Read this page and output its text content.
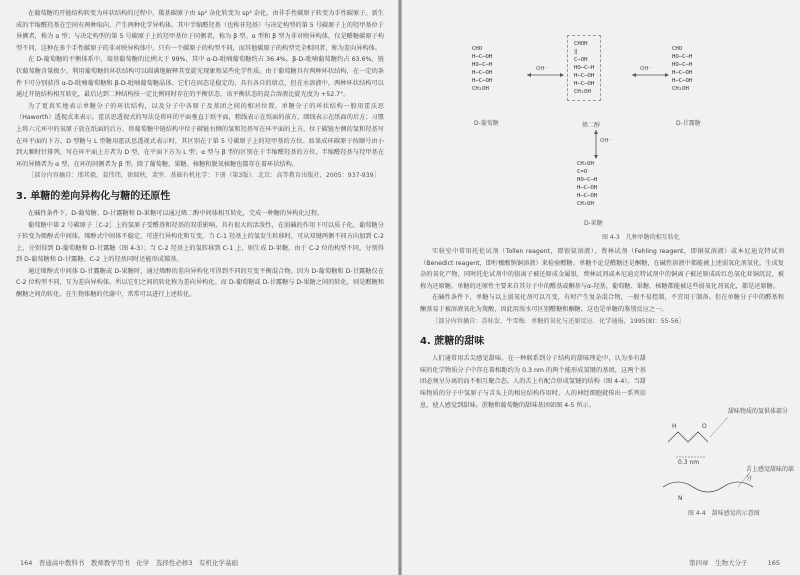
在葡萄糖的开链结构转变为环状结构的过程中，羰基碳原子由 sp² 杂化转变为 sp³ 杂化，由非手性碳原子转变为手性碳原子。新生成的半缩醛羟基在空间有两种取向，产生两种化学异构体。其中半缩醛羟基（也称苷羟基）与决定构型的第 5 号碳原子上的羟甲基位于异侧者，称为 α 型；与决定构型的第 5 号碳原子上的羟甲基位于同侧者，称为 β 型。α 型和 β 型为非对映异构体，仅是醛糖碳原子构型不同，这种在多个手性碳原子的非对映异构体中，只有一个碳原子的构型不同，而其他碳原子的构型完全相同者，称为差向异构体。

在 D-葡萄糖的平衡体系中，端基葡萄糖的比例大于 99%，其中 α-D-吡喃葡萄糖约占 36.4%，β-D-吡喃葡萄糖约占 63.6%，链状葡萄糖含量极少。利用葡萄糖的环状结构可以圆满地解释其变旋光现象和某些化学性质。由于葡萄糖具有两种环状结构，在一定的条件下可分别获得 α-D-吡喃葡萄糖和 β-D-吡喃葡萄糖晶体。它们在固态是稳定的，具有各自的熔点，但在水溶液中，两种环状结构可以通过开链结构相互转化，最后达到二种结构按一定比例同时存在的平衡状态，该平衡状态的混合溶液比旋光度为 +52.7°。

为了更真实地表示单糖分子的环状结构，以及分子中各原子及基团之间的相对位置，单糖分子的环状结构一般用霍沃思（Haworth）透视式来表示。霍沃思透视式的写法是将环的平面垂直于纸平面，粗线表示在纸面的前方，细线表示在纸面的后方；习惯上将六元环中的氧原子放在纸面的后方，将葡萄糖中链结构中位于碳链右侧的氢和羟基写在环平面的上方，位于碳链左侧的氢和羟基写在环平面的下方。D 型糖与 L 型糖用霍沃思透视式表示时，其区别在于第 5 号碳原子上的羟甲基的方位。如果成环碳原子按顺号由小到大顺时针排列，写在环平面上方者为 D 型，在平面下方为 L 型；α 型与 β 型的区别在于半缩醛羟基的方位，半缩醛羟基与羟甲基在环的异侧者为 α 型，在环的同侧者为 β 型。除了葡萄糖，果糖、核糖和脱氧核糖也都存在着环状结构。

［部分内容摘自：邢其毅，裴伟伟，徐瑞秋，裴坚．基础有机化学：下册（第3版）．北京：高等教育出版社，2005：937-939］

3. 单糖的差向异构化与糖的还原性

在碱性条件下，D-葡萄糖、D-甘露糖和 D-果糖可以通过烯二醇中间体相互转化，完成一种糖的异构化过程。

葡萄糖中第 2 号碳原子［C-2］上的氢原子受醛基和羟基的双重影响，具有很大的活泼性，在弱碱的作用下可以质子化，葡萄糖分子转变为烯醇式中间体。烯醇式中间体不稳定，可进行异构化和互变，当 C-1 羟基上的氢发生转移时，可从双键两侧不同方向加到 C-2 上，分别得到 D-葡萄糖和 D-甘露糖（图 4-3）；当 C-2 羟基上的氢转移到 C-1 上，则生成 D-果糖。由于 C-2 位的构型不同，分别得到 D-葡萄糖和 D-甘露糖。C-2 上的羟基同时还能形成羰基。

通过烯醇式中间体 D-甘露糖或 D-果糖时，通过烯醇的差向异构化可得到不同的互变平衡混合物。因为 D-葡萄糖和 D-甘露糖仅在 C-2 位构型不同，互为差向异构体。所以它们之间的转化称为差向异构化。而 D-葡萄糖或 D-甘露糖与 D-果糖之间的转化，则是醛糖和酮糖之间的转化。在生物体糖的代谢中，常常可以进行上述转化。

164　普通高中教科书　教师教学用书　化学　选择性必修3　有机化学基础
CHO
H─C─OH
HO─C─H
H─C─OH
H─C─OH
CH₂OH
CHOH
‖
C─OH
HO─C─H
H─C─OH
H─C─OH
CH₂OH
CHO
HO─C─H
HO─C─H
H─C─OH
H─C─OH
CH₂OH
CH₂OH
C=O
HO─C─H
H─C─OH
H─C─OH
CH₂OH
D-葡萄糖	烯二醇	D-甘露糖
D-果糖
OH⁻	OH⁻
OH⁻
图 4-3　几种单糖的相互转化

实验室中常用托伦试剂（Tollen reagent，即银氨溶液）、费林试剂（Fehling reagent，即铜氨溶液）或本尼迪克特试剂（Benedict reagent，即柠檬酸钠铜溶液）来检验醛糖。单糖不论是醛糖还是酮糖，在碱性溶液中都能被上述弱氧化剂氧化，生成复杂的氧化产物，同时托伦试剂中的银离子被还原成金属银，费林试剂或本尼迪克特试剂中的铜离子被还原成砖红色氧化亚铜沉淀，被称为还原糖。单糖的还原性主要来自其分子中的醛基或酮基与α-羟基，葡萄糖、果糖、核糖都能被这些弱氧化剂氧化，都是还原糖。

在碱性条件下，单糖与以上弱氧化剂可以互变，有时产生复杂混合物，一般不易控制，不宜用于制备。但在单糖分子中的醛基和酮基易于被溶液氧化为羧酸，因此用溴水可区别醛糖和酮糖，这也是单糖的鉴别反应之一。

［部分内容摘自：苏桂发，牛雪梅．单糖的氧化与还原反应．化学通报，1995(8)：55-56］

4. 蔗糖的甜味

人们通常用舌尖感觉甜味。在一种联系到分子结构的甜味理论中，认为多有甜味的化学物质分子中存在着相距约为 0.3 nm 的两个能形成氢键的基团，这两个基团必须呈分离的而不相互聚合态。人的舌上有配合形成氢键的结构（图 4-4）。当甜味物质的分子中氢原子与舌头上的相应结构作用时，人的神经细胞就传出一系列信息，使人感觉到甜味。蔗糖和葡萄糖的甜味基团如图 4-5 所示。

H	O
N
0.3 nm
甜味物质的氢供体部分
舌上感觉甜味的部分
图 4-4　甜味感觉的示意图
第四章　生物大分子	165
